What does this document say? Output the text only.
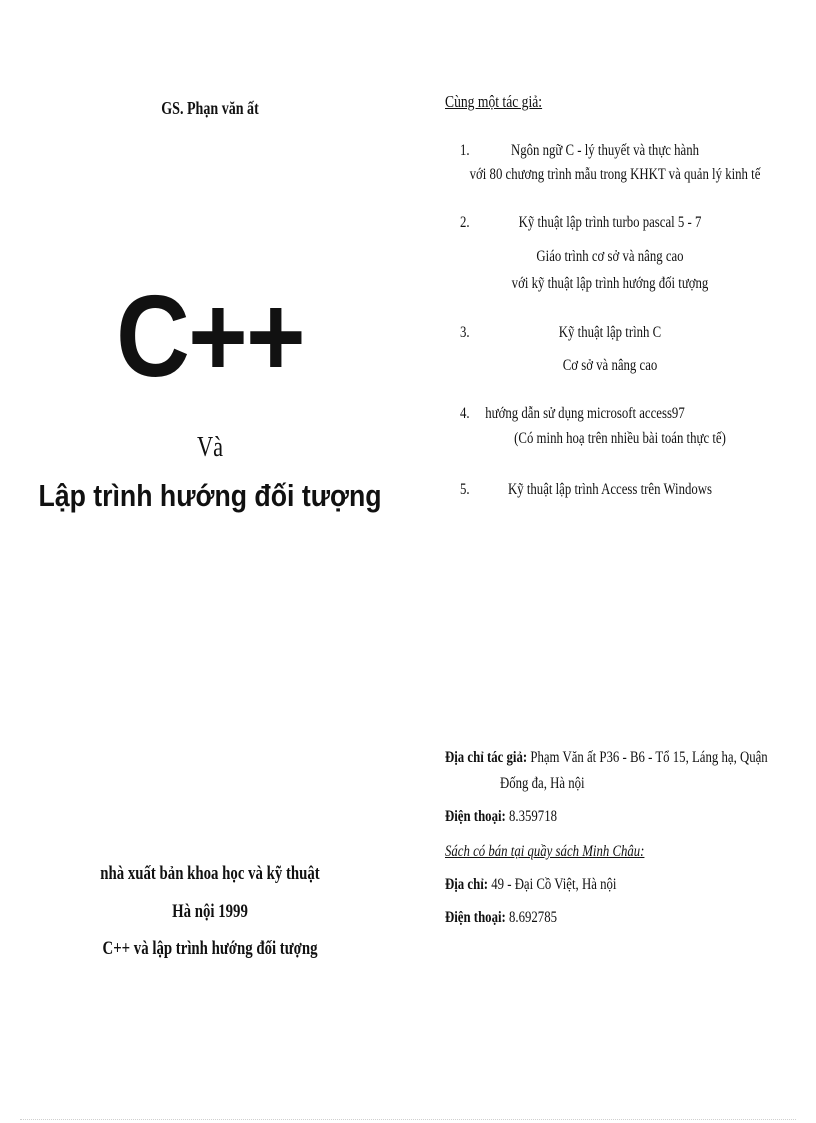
GS. Phạn văn ất
C++
Và
Lập trình hướng đối tượng
nhà xuất bản khoa học và kỹ thuật
Hà nội 1999
C++ và lập trình hướng đối tượng
Cùng một tác giả:
1.	Ngôn ngữ C - lý thuyết và thực hành
với 80 chương trình mẫu trong KHKT và quản lý kinh tế
2.	Kỹ thuật lập trình turbo pascal 5 - 7
Giáo trình cơ sở và nâng cao
với kỹ thuật lập trình hướng đối tượng
3.	Kỹ thuật lập trình C
Cơ sở và nâng cao
4. hướng dẫn sử dụng microsoft access97
(Có minh hoạ trên nhiều bài toán thực tế)
5.	Kỹ thuật lập trình Access trên Windows
Địa chỉ tác giả: Phạm Văn ất P36 - B6 - Tổ 15, Láng hạ, Quận
Đống đa, Hà nội
Điện thoại: 8.359718
Sách có bán tại quầy sách Minh Châu:
Địa chỉ: 49 - Đại Cồ Việt, Hà nội
Điện thoại: 8.692785
